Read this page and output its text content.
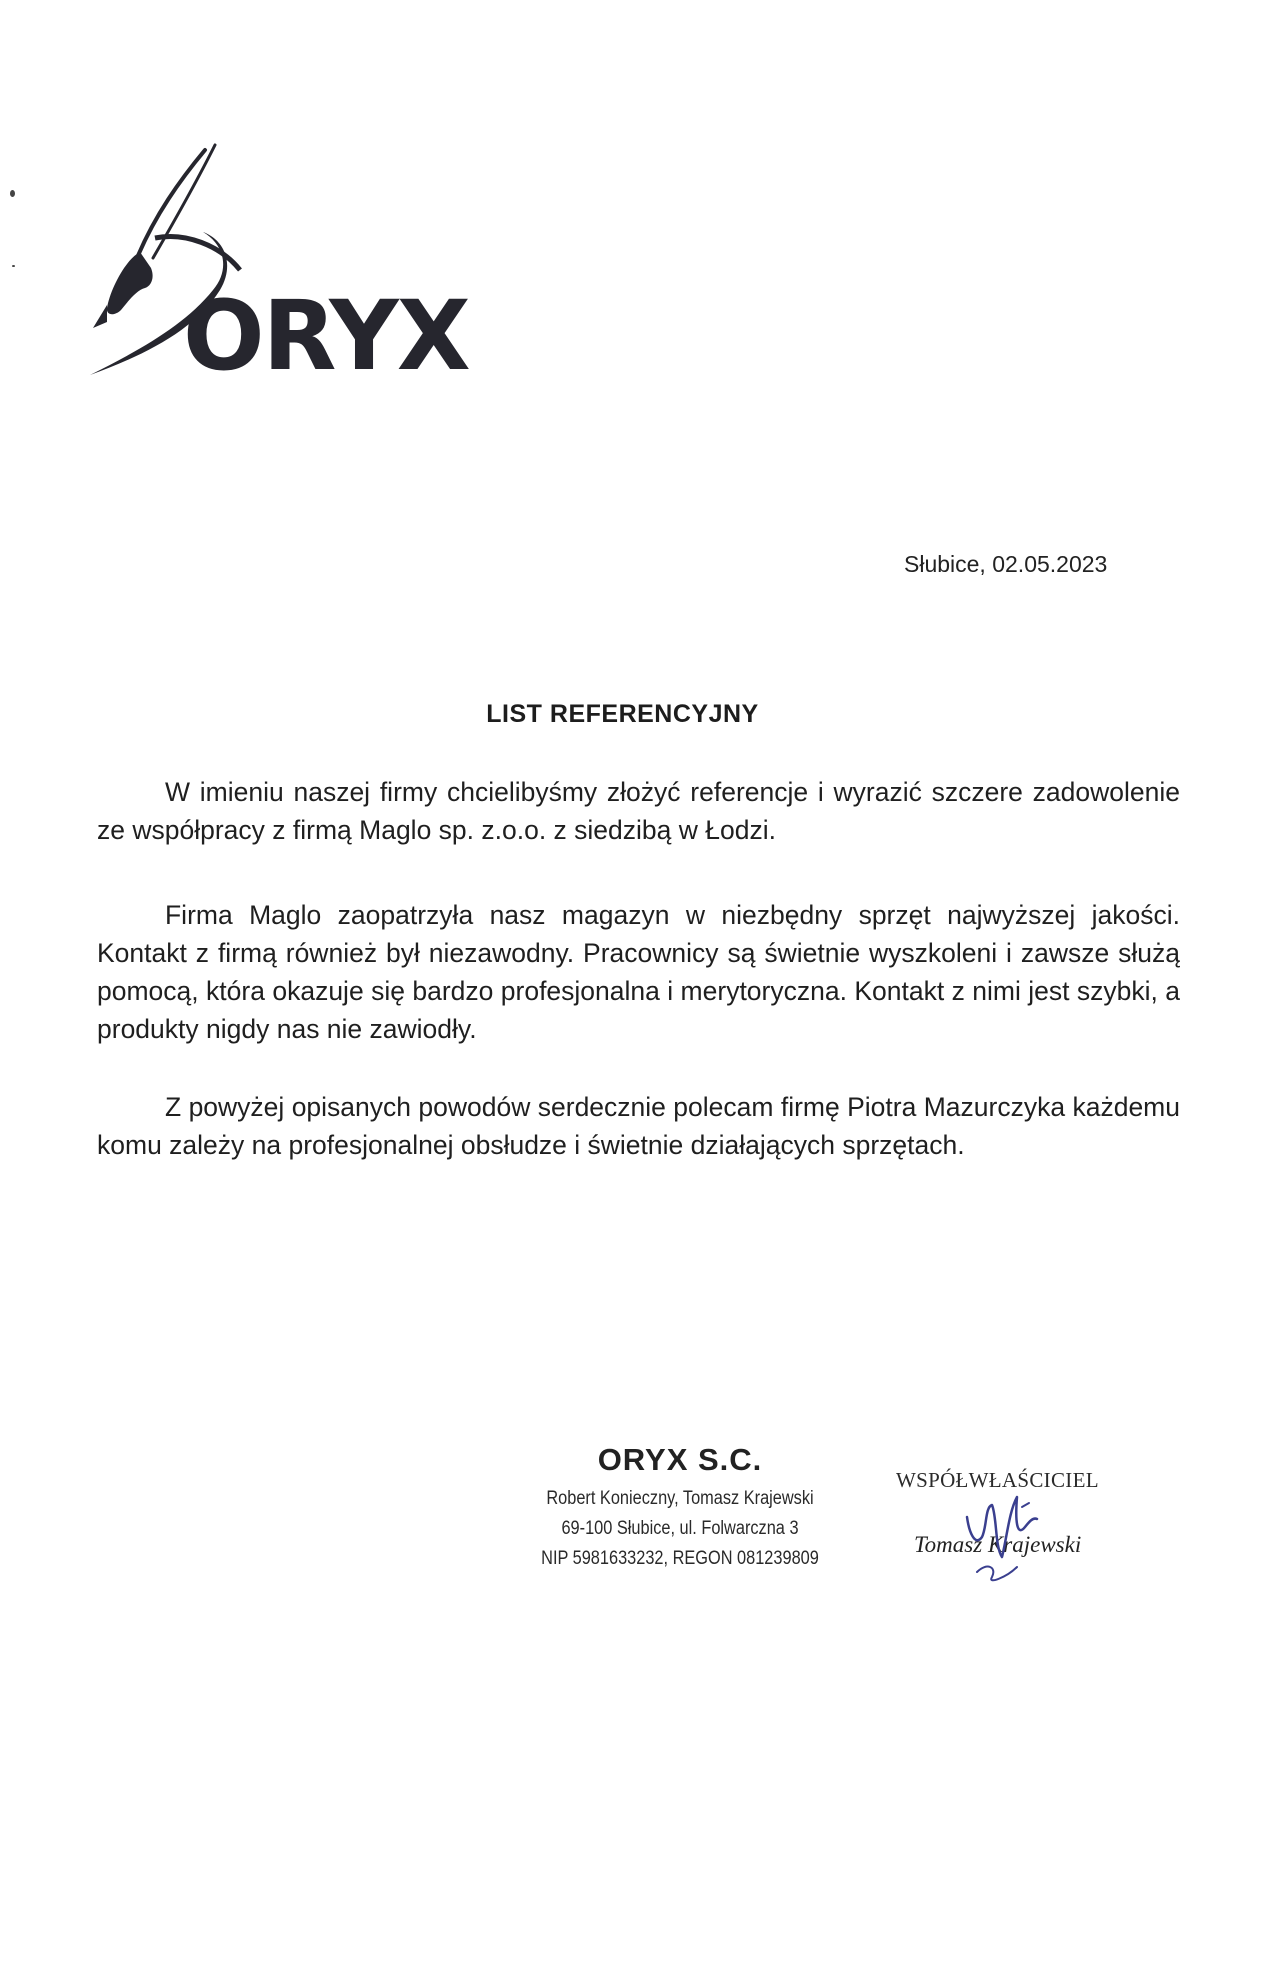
ORYX
Słubice, 02.05.2023
LIST REFERENCYJNY
W imieniu naszej firmy chcielibyśmy złożyć referencje i wyrazić szczere zadowolenie ze współpracy z firmą Maglo sp. z.o.o. z siedzibą w Łodzi.
Firma Maglo zaopatrzyła nasz magazyn w niezbędny sprzęt najwyższej jakości. Kontakt z firmą również był niezawodny. Pracownicy są świetnie wyszkoleni i zawsze służą pomocą, która okazuje się bardzo profesjonalna i merytoryczna. Kontakt z nimi jest szybki, a produkty nigdy nas nie zawiodły.
Z powyżej opisanych powodów serdecznie polecam firmę Piotra Mazurczyka każdemu komu zależy na profesjonalnej obsłudze i świetnie działających sprzętach.
ORYX S.C.
Robert Konieczny, Tomasz Krajewski
69-100 Słubice, ul. Folwarczna 3
NIP 5981633232, REGON 081239809
WSPÓŁWŁAŚCICIEL
Tomasz Krajewski
